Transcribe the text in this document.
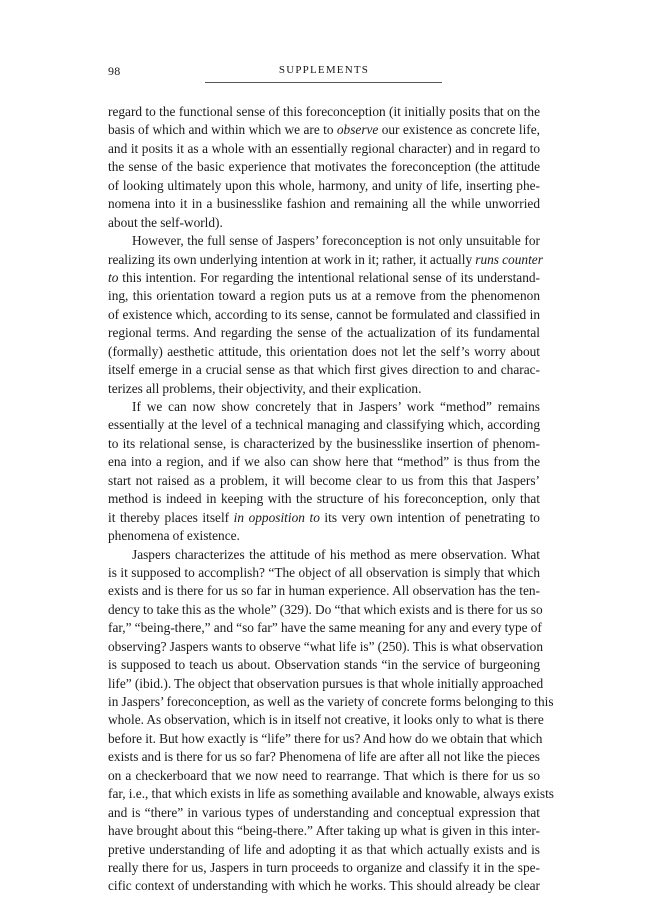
98	SUPPLEMENTS
regard to the functional sense of this foreconception (it initially posits that on the
basis of which and within which we are to observe our existence as concrete life,
and it posits it as a whole with an essentially regional character) and in regard to
the sense of the basic experience that motivates the foreconception (the attitude
of looking ultimately upon this whole, harmony, and unity of life, inserting phe-
nomena into it in a businesslike fashion and remaining all the while unworried
about the self-world).
However, the full sense of Jaspers’ foreconception is not only unsuitable for
realizing its own underlying intention at work in it; rather, it actually runs counter
to this intention. For regarding the intentional relational sense of its understand-
ing, this orientation toward a region puts us at a remove from the phenomenon
of existence which, according to its sense, cannot be formulated and classified in
regional terms. And regarding the sense of the actualization of its fundamental
(formally) aesthetic attitude, this orientation does not let the self’s worry about
itself emerge in a crucial sense as that which first gives direction to and charac-
terizes all problems, their objectivity, and their explication.
If we can now show concretely that in Jaspers’ work “method” remains
essentially at the level of a technical managing and classifying which, according
to its relational sense, is characterized by the businesslike insertion of phenom-
ena into a region, and if we also can show here that “method” is thus from the
start not raised as a problem, it will become clear to us from this that Jaspers’
method is indeed in keeping with the structure of his foreconception, only that
it thereby places itself in opposition to its very own intention of penetrating to
phenomena of existence.
Jaspers characterizes the attitude of his method as mere observation. What
is it supposed to accomplish? “The object of all observation is simply that which
exists and is there for us so far in human experience. All observation has the ten-
dency to take this as the whole” (329). Do “that which exists and is there for us so
far,” “being-there,” and “so far” have the same meaning for any and every type of
observing? Jaspers wants to observe “what life is” (250). This is what observation
is supposed to teach us about. Observation stands “in the service of burgeoning
life” (ibid.). The object that observation pursues is that whole initially approached
in Jaspers’ foreconception, as well as the variety of concrete forms belonging to this
whole. As observation, which is in itself not creative, it looks only to what is there
before it. But how exactly is “life” there for us? And how do we obtain that which
exists and is there for us so far? Phenomena of life are after all not like the pieces
on a checkerboard that we now need to rearrange. That which is there for us so
far, i.e., that which exists in life as something available and knowable, always exists
and is “there” in various types of understanding and conceptual expression that
have brought about this “being-there.” After taking up what is given in this inter-
pretive understanding of life and adopting it as that which actually exists and is
really there for us, Jaspers in turn proceeds to organize and classify it in the spe-
cific context of understanding with which he works. This should already be clear
